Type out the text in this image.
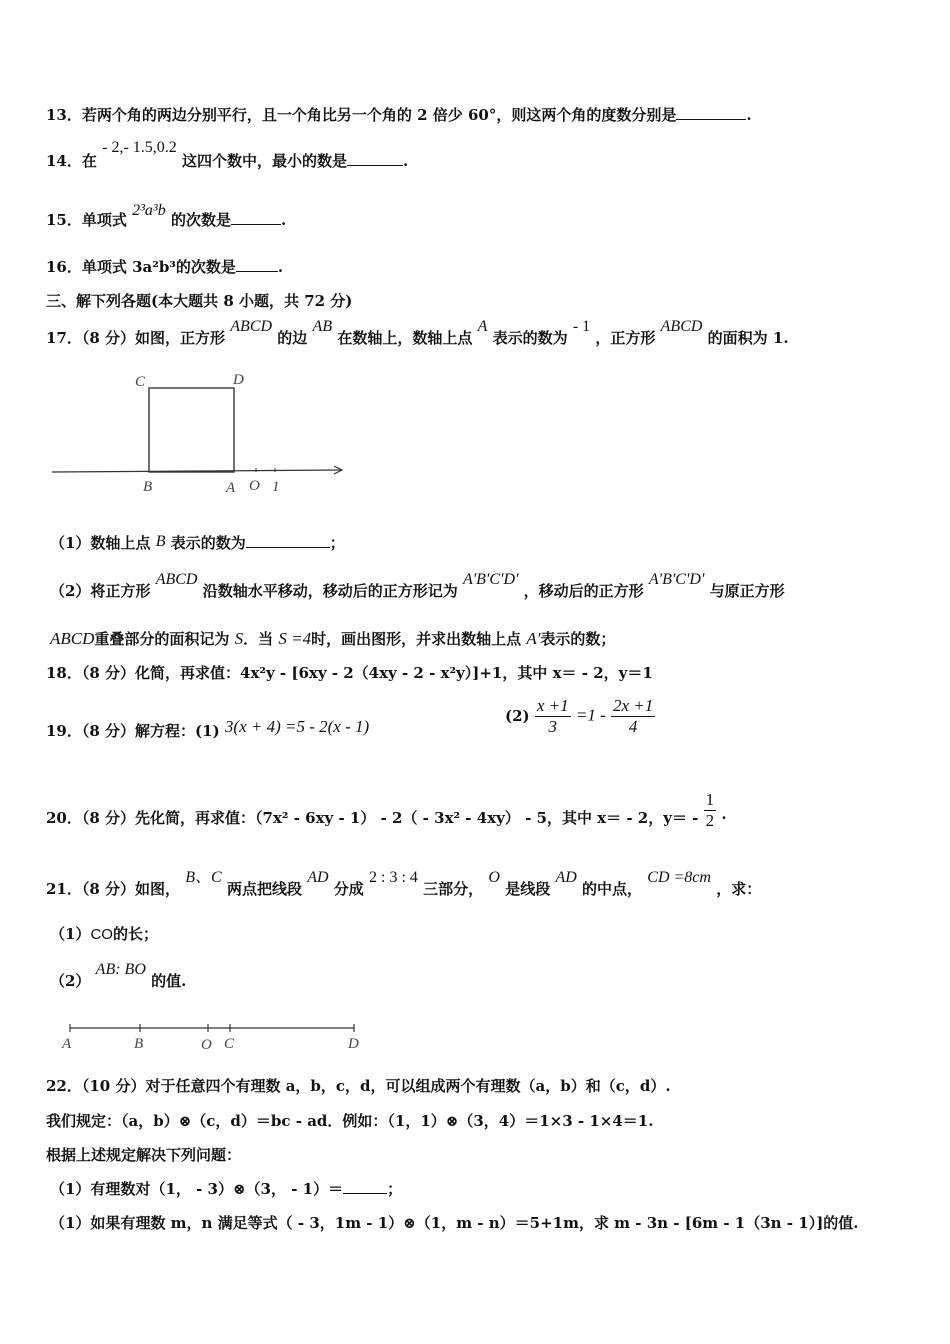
13．若两个角的两边分别平行，且一个角比另一个角的 2 倍少 60°，则这两个角的度数分别是	.
14．在 - 2,- 1.5,0.2 这四个数中，最小的数是	.
15．单项式 2³a³b 的次数是	.
16．单项式 3a²b³的次数是	.
三、解下列各题(本大题共 8 小题，共 72 分)
17．（8 分）如图，正方形 ABCD 的边 AB 在数轴上，数轴上点 A 表示的数为 - 1 ，正方形 ABCD 的面积为 1.
C	D
B	A O 1
（1）数轴上点 B 表示的数为	；
（2）将正方形 ABCD 沿数轴水平移动，移动后的正方形记为 A'B'C'D' ，移动后的正方形 A'B'C'D' 与原正方形
ABCD重叠部分的面积记为 S．当 S =4时，画出图形，并求出数轴上点 A'表示的数；
18．（8 分）化简，再求值：4x²y - [6xy - 2（4xy - 2 - x²y）]+1，其中 x＝ - 2，y＝1
19．（8 分）解方程：(1) 3(x + 4) =5 - 2(x - 1)
$(2) \frac{x +1}{3} =1 - \frac{2x +1}{4}$
20．（8 分）先化简，再求值：（7x² - 6xy - 1） - 2（ - 3x² - 4xy） - 5，其中 x＝ - 2，$y= - \frac{1}{2}$ .
21．（8 分）如图， B、C 两点把线段 AD 分成 2 : 3 : 4 三部分， O 是线段 AD 的中点， CD =8cm ，求：
（1）CO的长；
（2） AB: BO 的值.
A	B	O C	D
22．（10 分）对于任意四个有理数 a，b，c，d，可以组成两个有理数（a，b）和（c，d）.
我们规定：（a，b）⊗（c，d）＝bc - ad．例如：（1，1）⊗（3，4）＝1×3 - 1×4＝1.
根据上述规定解决下列问题：
（1）有理数对（1， - 3）⊗（3， - 1）＝	；
（1）如果有理数 m，n 满足等式（ - 3，1m - 1）⊗（1，m - n）＝5+1m，求 m - 3n - [6m - 1（3n - 1）]的值.
